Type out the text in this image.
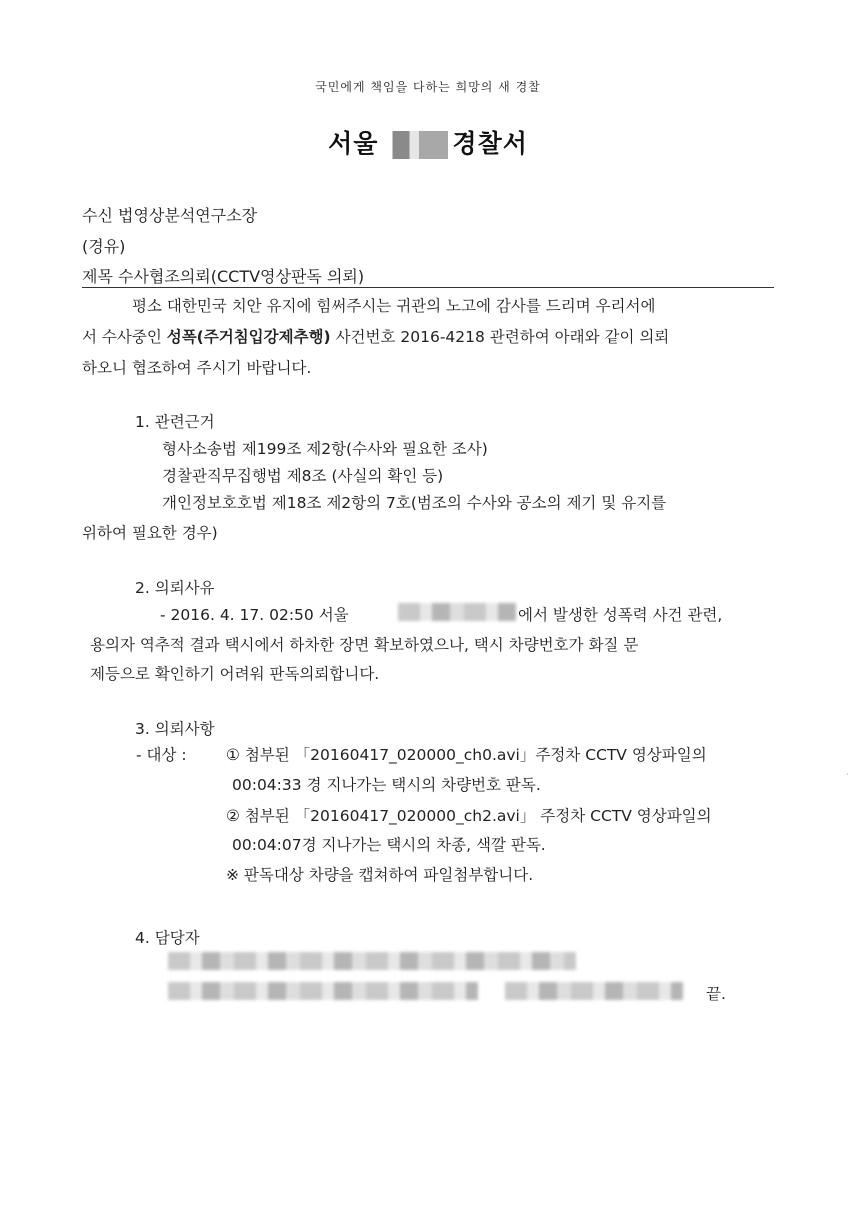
국민에게 책임을 다하는 희망의 새 경찰
서울	경찰서
수신 법영상분석연구소장
(경유)
제목 수사협조의뢰(CCTV영상판독 의뢰)
평소 대한민국 치안 유지에 힘써주시는 귀관의 노고에 감사를 드리며 우리서에
서 수사중인 성폭(주거침입강제추행) 사건번호 2016-4218 관련하여 아래와 같이 의뢰
하오니 협조하여 주시기 바랍니다.
1. 관련근거
형사소송법 제199조 제2항(수사와 필요한 조사)
경찰관직무집행법 제8조 (사실의 확인 등)
개인정보호호법 제18조 제2항의 7호(범조의 수사와 공소의 제기 및 유지를
위하여 필요한 경우)
2. 의뢰사유
- 2016. 4. 17. 02:50 서울	에서 발생한 성폭력 사건 관련,
용의자 역추적 결과 택시에서 하차한 장면 확보하였으나, 택시 차량번호가 화질 문
제등으로 확인하기 어려워 판독의뢰합니다.
3. 의뢰사항
- 대상 :	① 첨부된 「20160417_020000_ch0.avi」주정차 CCTV 영상파일의
00:04:33 경 지나가는 택시의 차량번호 판독.
② 첨부된 「20160417_020000_ch2.avi」 주정차 CCTV 영상파일의
00:04:07경 지나가는 택시의 차종, 색깔 판독.
※ 판독대상 차량을 캡쳐하여 파일첨부합니다.
4. 담당자
끝.
·
